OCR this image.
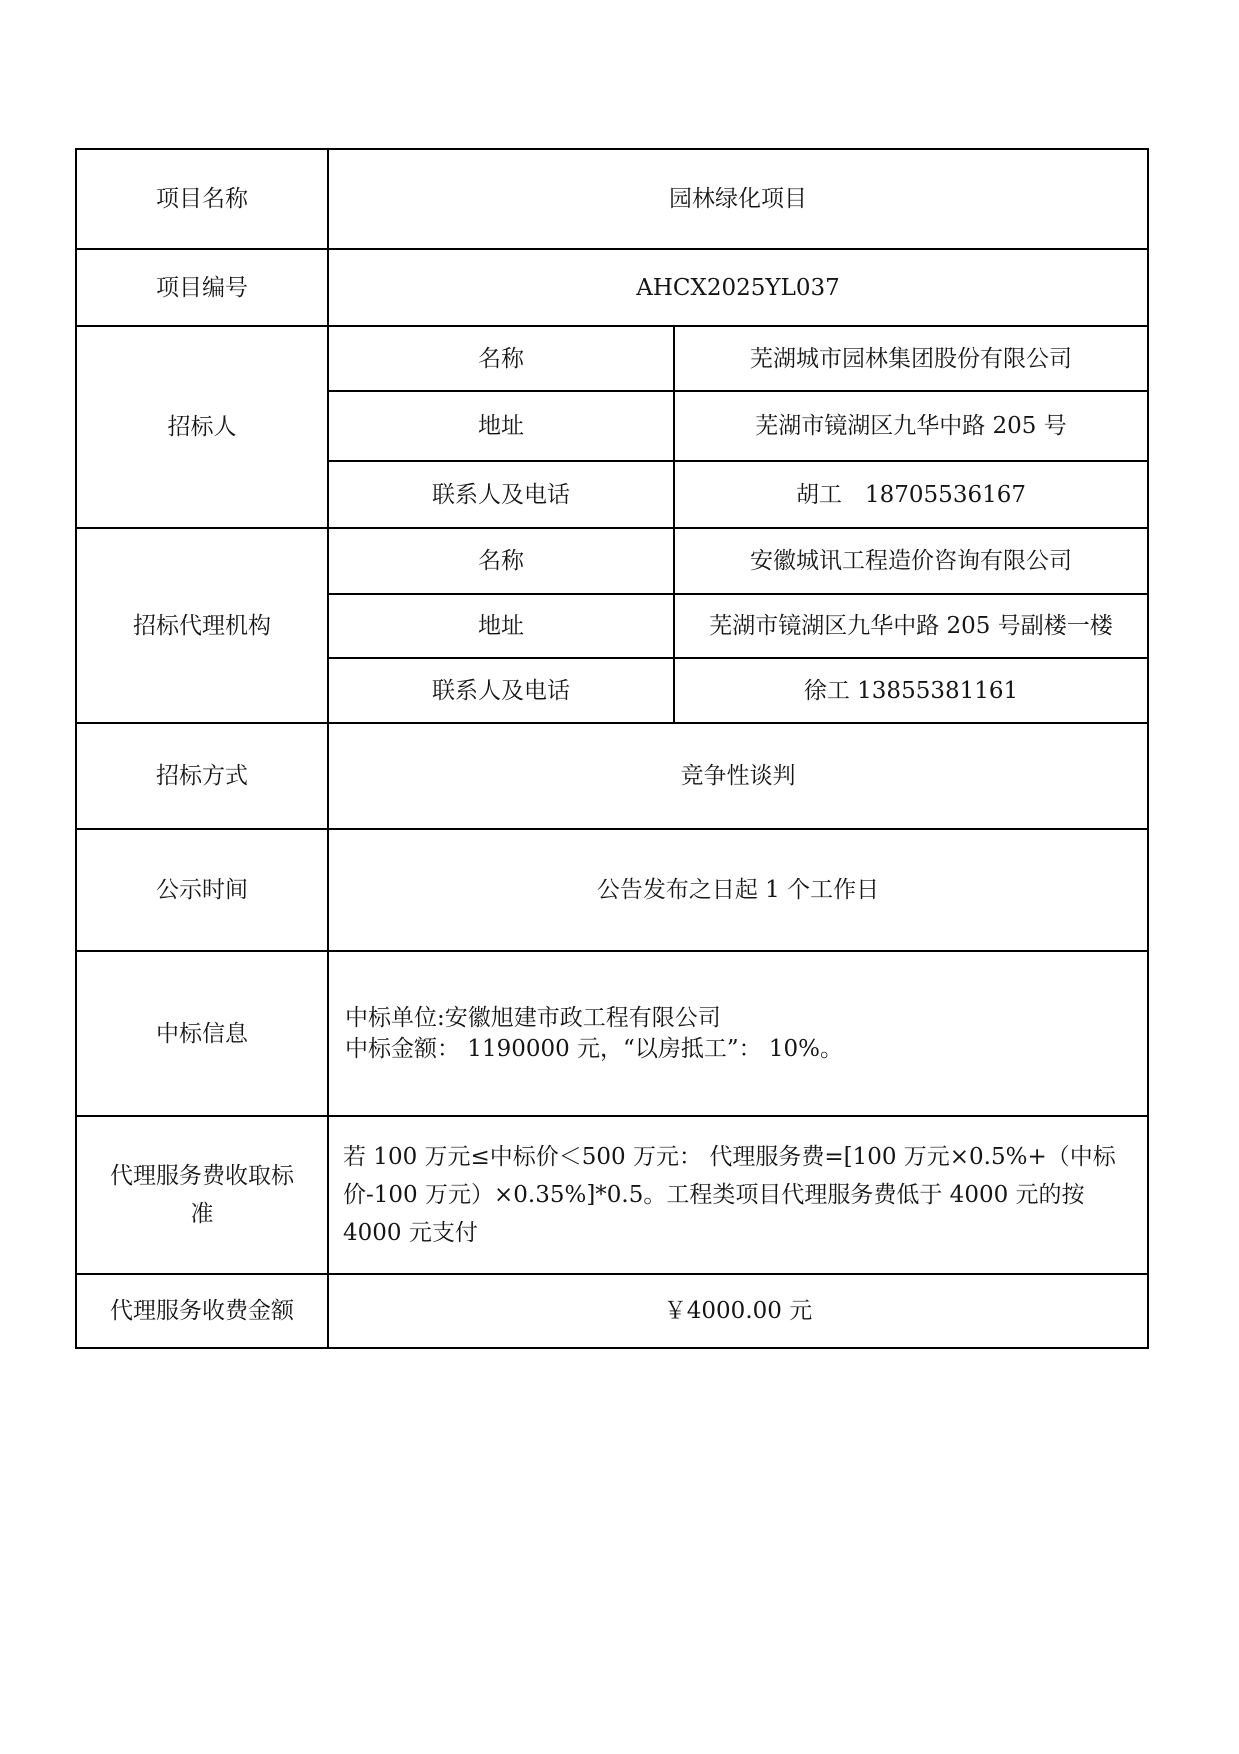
项目名称	园林绿化项目	
项目编号	AHCX2025YL037	
招标人	名称	芜湖城市园林集团股份有限公司
	地址	芜湖市镜湖区九华中路 205 号
	联系人及电话	胡工　18705536167
招标代理机构	名称	安徽城讯工程造价咨询有限公司
	地址	芜湖市镜湖区九华中路 205 号副楼一楼
	联系人及电话	徐工 13855381161
招标方式	竞争性谈判	
公示时间	公告发布之日起 1 个工作日	
中标信息	中标单位:安徽旭建市政工程有限公司
中标金额： 1190000 元，“以房抵工”： 10%。	

代理服务费收取标准	若 100 万元≤中标价＜500 万元： 代理服务费=[100 万元×0.5%+（中标价-100 万元）×0.35%]*0.5。工程类项目代理服务费低于 4000 元的按 4000 元支付	
代理服务收费金额	￥4000.00 元	
